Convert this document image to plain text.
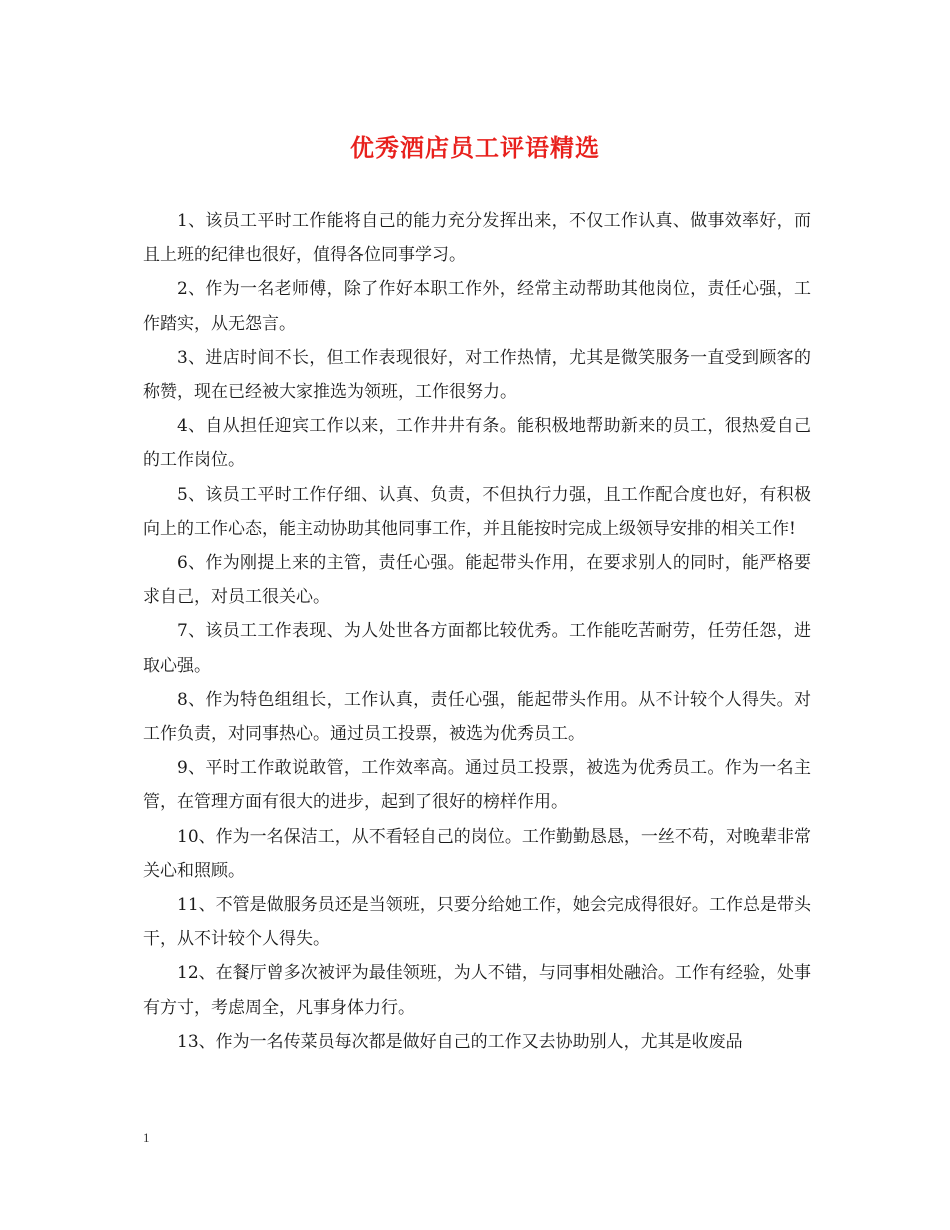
优秀酒店员工评语精选

1、该员工平时工作能将自己的能力充分发挥出来，不仅工作认真、做事效率好，而且上班的纪律也很好，值得各位同事学习。

2、作为一名老师傅，除了作好本职工作外，经常主动帮助其他岗位，责任心强，工作踏实，从无怨言。

3、进店时间不长，但工作表现很好，对工作热情，尤其是微笑服务一直受到顾客的称赞，现在已经被大家推选为领班，工作很努力。

4、自从担任迎宾工作以来，工作井井有条。能积极地帮助新来的员工，很热爱自己的工作岗位。

5、该员工平时工作仔细、认真、负责，不但执行力强，且工作配合度也好，有积极向上的工作心态，能主动协助其他同事工作，并且能按时完成上级领导安排的相关工作!

6、作为刚提上来的主管，责任心强。能起带头作用，在要求别人的同时，能严格要求自己，对员工很关心。

7、该员工工作表现、为人处世各方面都比较优秀。工作能吃苦耐劳，任劳任怨，进取心强。

8、作为特色组组长，工作认真，责任心强，能起带头作用。从不计较个人得失。对工作负责，对同事热心。通过员工投票，被选为优秀员工。

9、平时工作敢说敢管，工作效率高。通过员工投票，被选为优秀员工。作为一名主管，在管理方面有很大的进步，起到了很好的榜样作用。

10、作为一名保洁工，从不看轻自己的岗位。工作勤勤恳恳，一丝不苟，对晚辈非常关心和照顾。

11、不管是做服务员还是当领班，只要分给她工作，她会完成得很好。工作总是带头干，从不计较个人得失。

12、在餐厅曾多次被评为最佳领班，为人不错，与同事相处融洽。工作有经验，处事有方寸，考虑周全，凡事身体力行。

13、作为一名传菜员每次都是做好自己的工作又去协助别人，尤其是收废品

1
